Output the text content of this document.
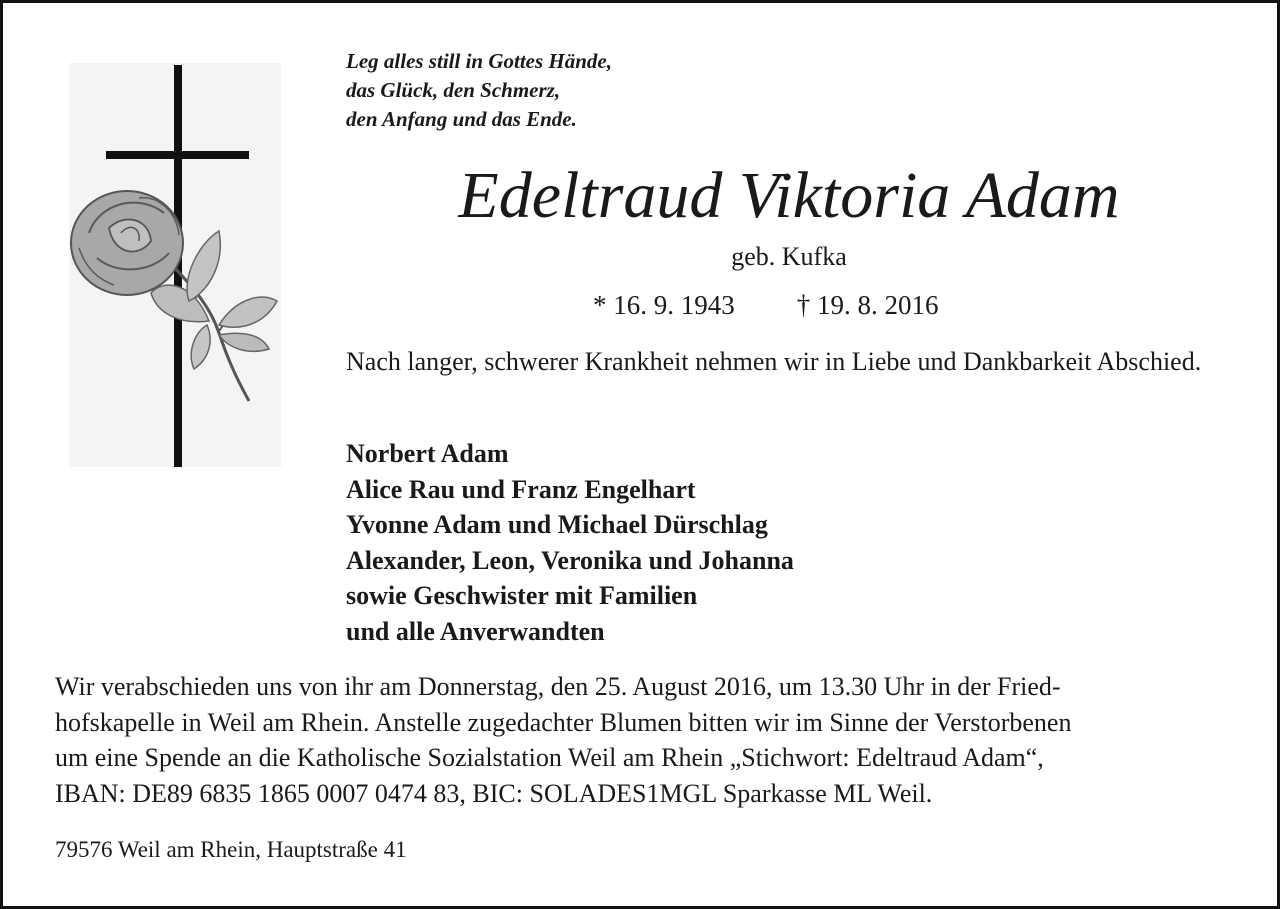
Leg alles still in Gottes Hände,
das Glück, den Schmerz,
den Anfang und das Ende.
Edeltraud Viktoria Adam
geb. Kufka
* 16. 9. 1943 † 19. 8. 2016
Nach langer, schwerer Krankheit nehmen wir in Liebe und Dankbarkeit Abschied.
Norbert Adam
Alice Rau und Franz Engelhart
Yvonne Adam und Michael Dürschlag
Alexander, Leon, Veronika und Johanna
sowie Geschwister mit Familien
und alle Anverwandten
Wir verabschieden uns von ihr am Donnerstag, den 25. August 2016, um 13.30 Uhr in der Fried-
hofskapelle in Weil am Rhein. Anstelle zugedachter Blumen bitten wir im Sinne der Verstorbenen
um eine Spende an die Katholische Sozialstation Weil am Rhein „Stichwort: Edeltraud Adam“,
IBAN: DE89 6835 1865 0007 0474 83, BIC: SOLADES1MGL Sparkasse ML Weil.
79576 Weil am Rhein, Hauptstraße 41
